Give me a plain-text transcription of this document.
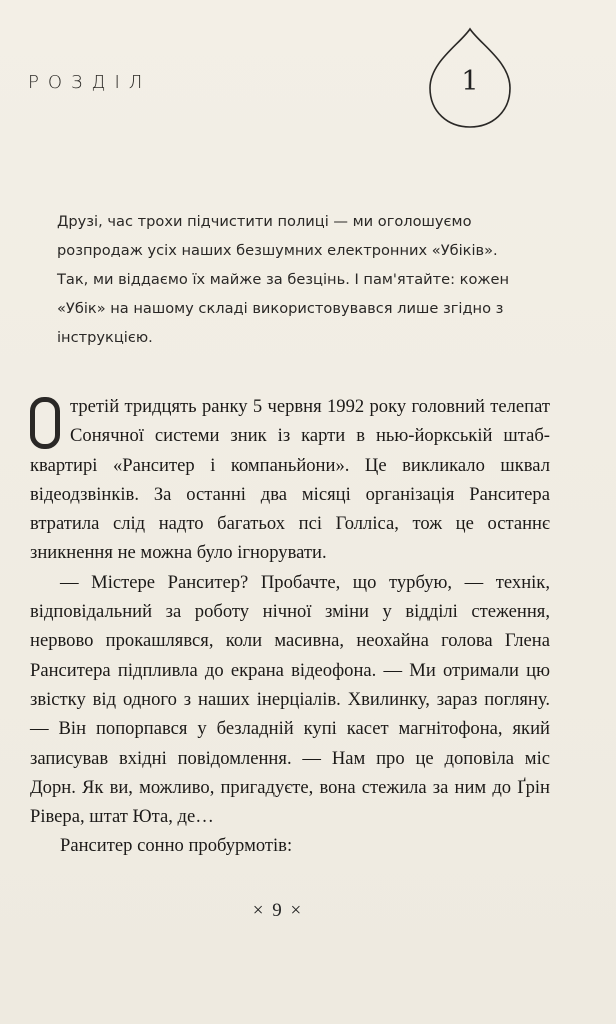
РОЗДІЛ	1
Друзі, час трохи підчистити полиці — ми оголошуємо розпродаж усіх наших безшумних електронних «Убіків». Так, ми віддаємо їх майже за безцінь. І пам'ятайте: кожен «Убік» на нашому складі використовувався лише згідно з інструкцією.

третій тридцять ранку 5 червня 1992 року головний телепат Сонячної системи зник із карти в нью-йоркській штаб-квартирі «Ранситер і компаньйони». Це викликало шквал відеодзвінків. За останні два місяці організація Ранситера втратила слід надто багатьох псі Голліса, тож це останнє зникнення не можна було ігнорувати.

— Містере Ранситер? Пробачте, що турбую, — технік, відповідальний за роботу нічної зміни у відділі стеження, нервово прокашлявся, коли масивна, неохайна голова Глена Ранситера підпливла до екрана відеофона. — Ми отримали цю звістку від одного з наших інерціалів. Хвилинку, зараз погляну. — Він попорпався у безладній купі касет магнітофона, який записував вхідні повідомлення. — Нам про це доповіла міс Дорн. Як ви, можливо, пригадуєте, вона стежила за ним до Ґрін Рівера, штат Юта, де…

Ранситер сонно пробурмотів:

× 9 ×
